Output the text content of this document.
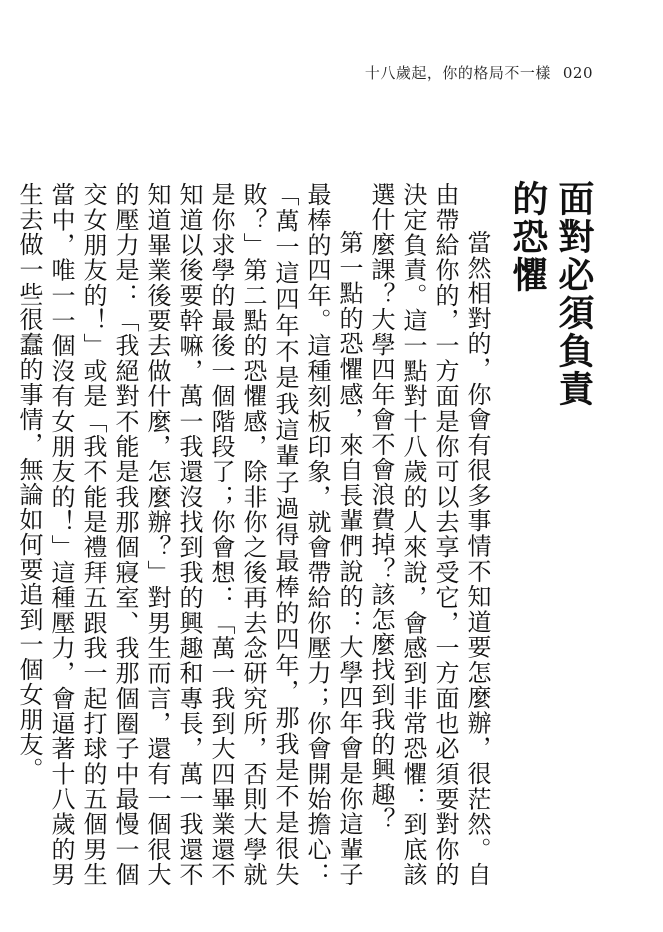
十八歲起，你的格局不一樣 020
面對必須負責的恐懼

當然相對的，你會有很多事情不知道要怎麼辦，很茫然。自由帶給你的，一方面是你可以去享受它，一方面也必須要對你的決定負責。這一點對十八歲的人來說，會感到非常恐懼：到底該選什麼課？大學四年會不會浪費掉？該怎麼找到我的興趣？

第一點的恐懼感，來自長輩們說的：大學四年會是你這輩子最棒的四年。這種刻板印象，就會帶給你壓力；你會開始擔心：「萬一這四年不是我這輩子過得最棒的四年，那我是不是很失敗？」第二點的恐懼感，除非你之後再去念研究所，否則大學就是你求學的最後一個階段了；你會想：「萬一我到大四畢業還不知道以後要幹嘛，萬一我還沒找到我的興趣和專長，萬一我還不知道畢業後要去做什麼，怎麼辦？」對男生而言，還有一個很大的壓力是：「我絕對不能是我那個寢室、我那個圈子中最慢一個交女朋友的！」或是「我不能是禮拜五跟我一起打球的五個男生當中，唯一一個沒有女朋友的！」這種壓力，會逼著十八歲的男生去做一些很蠢的事情，無論如何要追到一個女朋友。
